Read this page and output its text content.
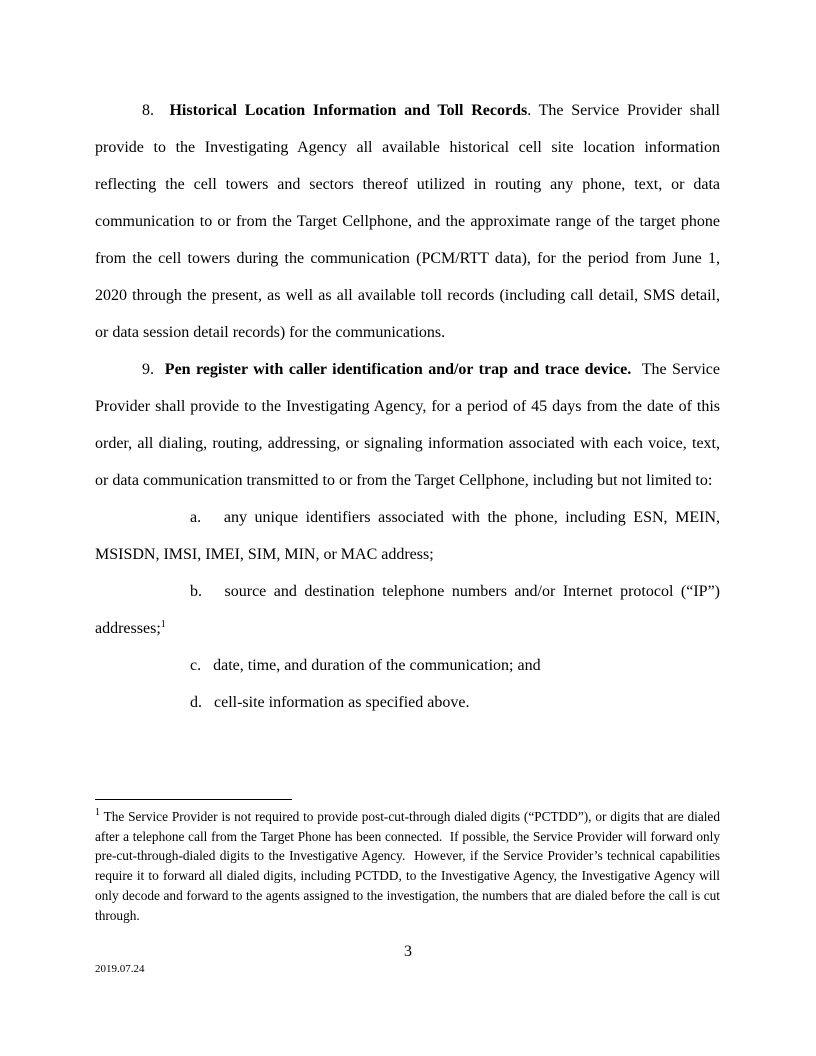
8.  Historical Location Information and Toll Records. The Service Provider shall provide to the Investigating Agency all available historical cell site location information reflecting the cell towers and sectors thereof utilized in routing any phone, text, or data communication to or from the Target Cellphone, and the approximate range of the target phone from the cell towers during the communication (PCM/RTT data), for the period from June 1, 2020 through the present, as well as all available toll records (including call detail, SMS detail, or data session detail records) for the communications.

9.  Pen register with caller identification and/or trap and trace device.  The Service Provider shall provide to the Investigating Agency, for a period of 45 days from the date of this order, all dialing, routing, addressing, or signaling information associated with each voice, text, or data communication transmitted to or from the Target Cellphone, including but not limited to:

a.   any unique identifiers associated with the phone, including ESN, MEIN, MSISDN, IMSI, IMEI, SIM, MIN, or MAC address;

b.   source and destination telephone numbers and/or Internet protocol (“IP”) addresses;$^1$

c.   date, time, and duration of the communication; and

d.   cell-site information as specified above.

$^1$ The Service Provider is not required to provide post-cut-through dialed digits (“PCTDD”), or digits that are dialed after a telephone call from the Target Phone has been connected.  If possible, the Service Provider will forward only pre-cut-through-dialed digits to the Investigative Agency.  However, if the Service Provider’s technical capabilities require it to forward all dialed digits, including PCTDD, to the Investigative Agency, the Investigative Agency will only decode and forward to the agents assigned to the investigation, the numbers that are dialed before the call is cut through.

3
2019.07.24
